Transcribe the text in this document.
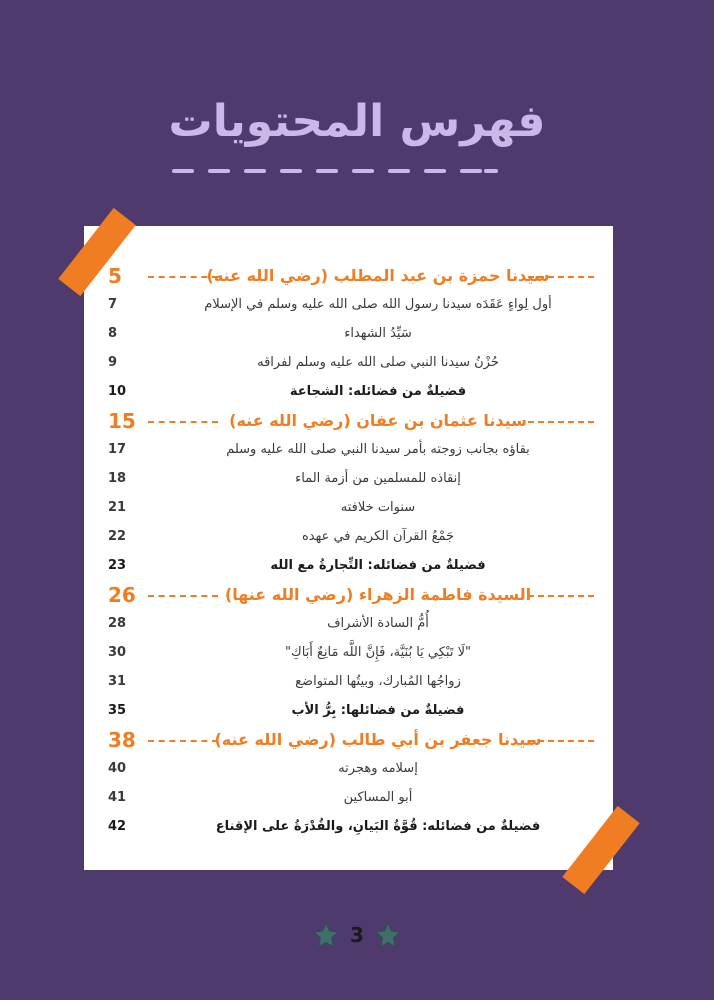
فهرس المحتويات
5	سيدنا حمزة بن عبد المطلب (رضي الله عنه)
7	أول لِواءٍ عَقَدَه سيدنا رسول الله صلى الله عليه وسلم في الإسلام
8	سَيِّدُ الشهداء
9	حُزْنُ سيدنا النبي صلى الله عليه وسلم لفراقه
10	فضيلةٌ من فضائله: الشجاعة
15	سيدنا عثمان بن عفان (رضي الله عنه)
17	بقاؤه بجانب زوجته بأمر سيدنا النبي صلى الله عليه وسلم
18	إنقاذه للمسلمين من أزمة الماء
21	سنوات خلافته
22	جَمْعُ القرآن الكريم في عهده
23	فضيلةٌ من فضائله: التِّجارةُ مع الله
26	السيدة فاطمة الزهراء (رضي الله عنها)
28	أُمُّ السادة الأشراف
30	"لَا تَبْكِي يَا بُنَيَّة، فَإِنَّ اللَّه مَانِعٌ أَبَاكِ"
31	زواجُها المُبارك، وبيتُها المتواضع
35	فضيلةٌ من فضائلها: بِرُّ الأب
38	سيدنا جعفر بن أبي طالب (رضي الله عنه)
40	إسلامه وهجرته
41	أبو المساكين
42	فضيلةٌ من فضائله: قُوَّةُ البَيانِ، والقُدْرَةُ على الإقناع
3
